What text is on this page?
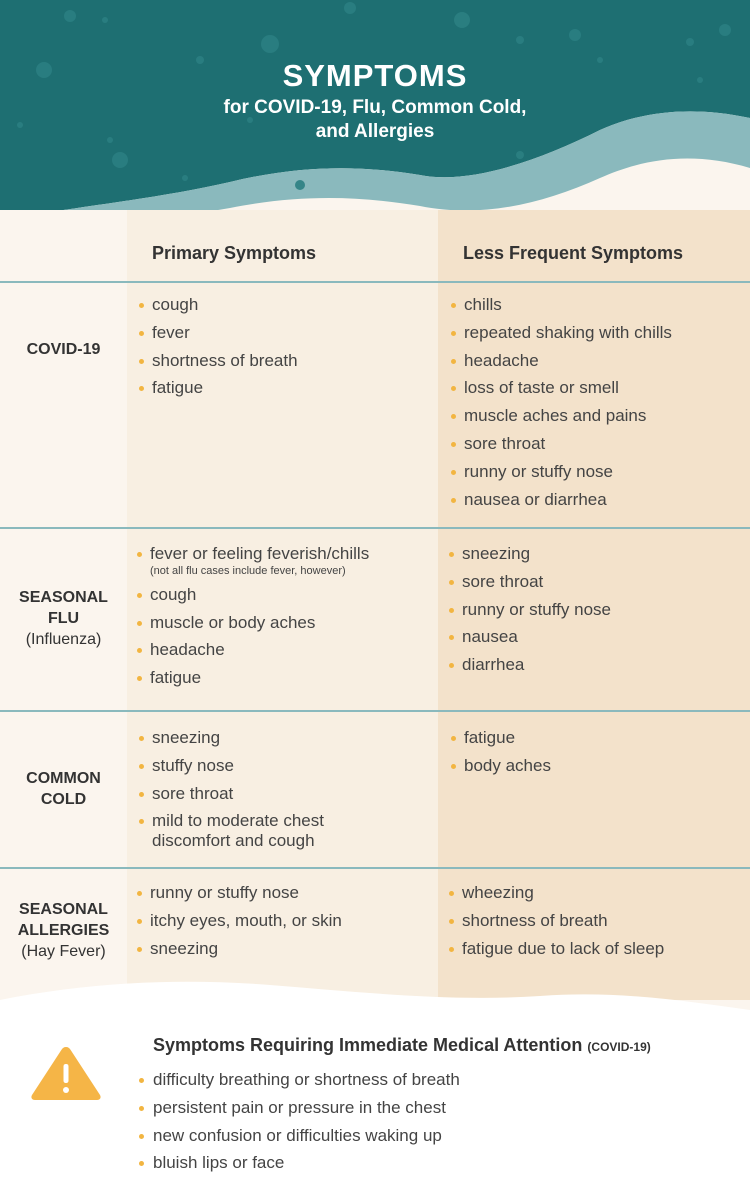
SYMPTOMS
for COVID-19, Flu, Common Cold,
and Allergies
Primary Symptoms	Less Frequent Symptoms
COVID-19
cough
fever
shortness of breath
fatigue
chills
repeated shaking with chills
headache
loss of taste or smell
muscle aches and pains
sore throat
runny or stuffy nose
nausea or diarrhea
SEASONAL
FLU
(Influenza)
fever or feeling feverish/chills
(not all flu cases include fever, however)
cough
muscle or body aches
headache
fatigue
sneezing
sore throat
runny or stuffy nose
nausea
diarrhea
COMMON
COLD
sneezing
stuffy nose
sore throat
mild to moderate chest
discomfort and cough
fatigue
body aches
SEASONAL
ALLERGIES
(Hay Fever)
runny or stuffy nose
itchy eyes, mouth, or skin
sneezing
wheezing
shortness of breath
fatigue due to lack of sleep
Symptoms Requiring Immediate Medical Attention (COVID-19)
difficulty breathing or shortness of breath
persistent pain or pressure in the chest
new confusion or difficulties waking up
bluish lips or face
